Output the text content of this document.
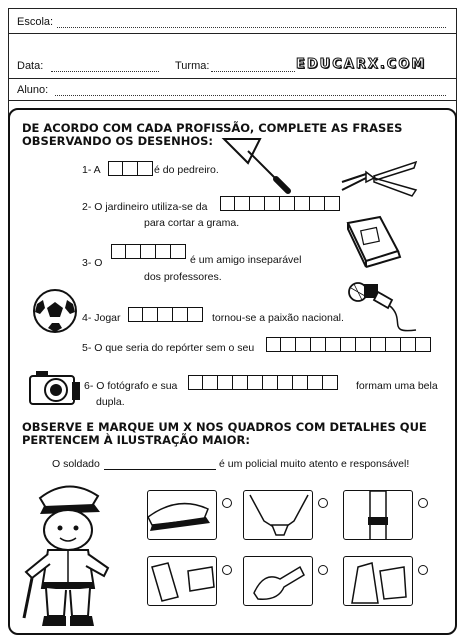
Escola:
Data:	Turma:
Aluno:
EDUCARX.COM
DE ACORDO COM CADA PROFISSÃO, COMPLETE AS FRASES
OBSERVANDO OS DESENHOS:
1- A	é do pedreiro.
2- O jardineiro utiliza-se da
para cortar a grama.
3- O	é um amigo inseparável
dos professores.
4- Jogar	tornou-se a paixão nacional.
5- O que seria do repórter sem o seu
6- O fotógrafo e sua	formam uma bela
dupla.
OBSERVE E MARQUE UM X NOS QUADROS COM DETALHES QUE
PERTENCEM À ILUSTRAÇÃO MAIOR:
O soldado	é um policial muito atento e responsável!
